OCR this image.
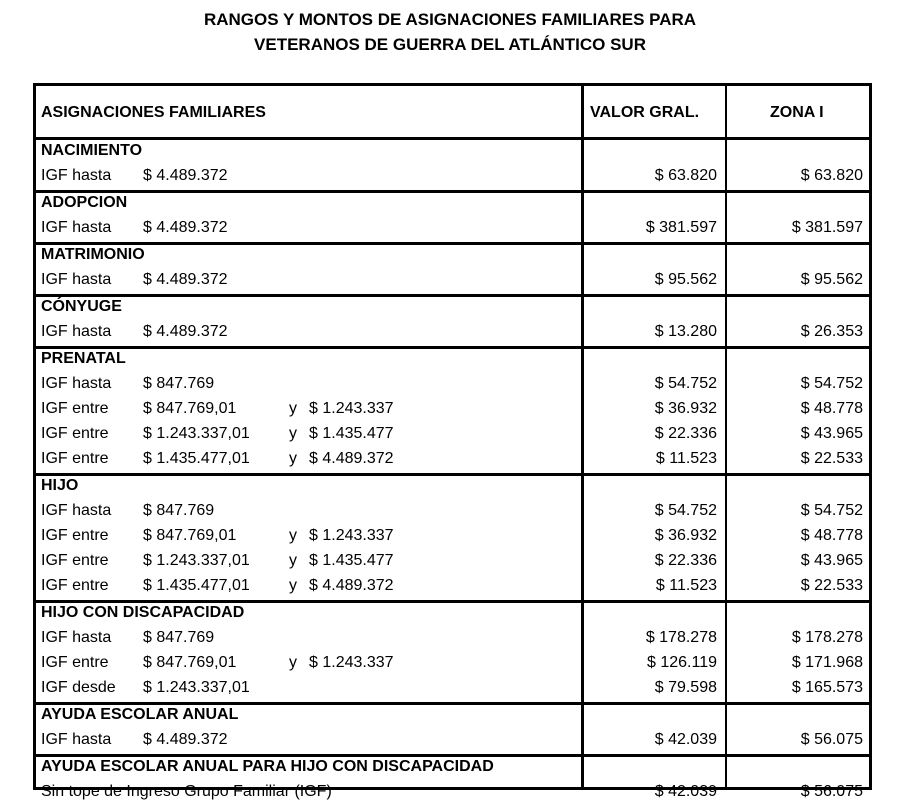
RANGOS Y MONTOS DE ASIGNACIONES FAMILIARES PARA
VETERANOS DE GUERRA DEL ATLÁNTICO SUR
ASIGNACIONES FAMILIARES	VALOR GRAL.	ZONA I
NACIMIENTO
IGF hasta $ 4.489.372	$ 63.820	$ 63.820
ADOPCION
IGF hasta $ 4.489.372	$ 381.597	$ 381.597
MATRIMONIO
IGF hasta $ 4.489.372	$ 95.562	$ 95.562
CÓNYUGE
IGF hasta $ 4.489.372	$ 13.280	$ 26.353
PRENATAL
IGF hasta $ 847.769	$ 54.752	$ 54.752
IGF entre $ 847.769,01	y $ 1.243.337	$ 36.932	$ 48.778
IGF entre $ 1.243.337,01 y $ 1.435.477	$ 22.336	$ 43.965
IGF entre $ 1.435.477,01 y $ 4.489.372	$ 11.523	$ 22.533
HIJO
IGF hasta $ 847.769	$ 54.752	$ 54.752
IGF entre $ 847.769,01	y $ 1.243.337	$ 36.932	$ 48.778
IGF entre $ 1.243.337,01 y $ 1.435.477	$ 22.336	$ 43.965
IGF entre $ 1.435.477,01 y $ 4.489.372	$ 11.523	$ 22.533
HIJO CON DISCAPACIDAD
IGF hasta $ 847.769	$ 178.278	$ 178.278
IGF entre $ 847.769,01	y $ 1.243.337	$ 126.119	$ 171.968
IGF desde $ 1.243.337,01	$ 79.598	$ 165.573
AYUDA ESCOLAR ANUAL
IGF hasta $ 4.489.372	$ 42.039	$ 56.075
AYUDA ESCOLAR ANUAL PARA HIJO CON DISCAPACIDAD
Sin tope de Ingreso Grupo Familiar (IGF)	$ 42.039	$ 56.075
